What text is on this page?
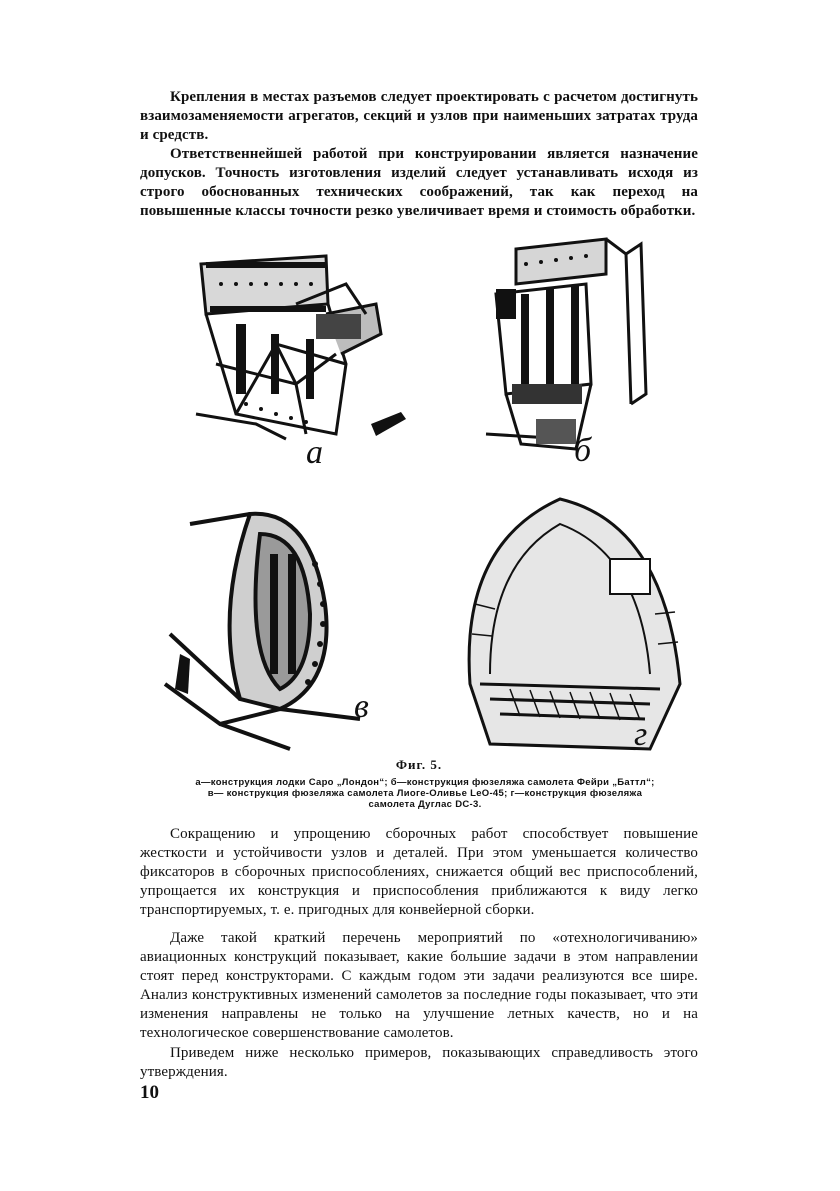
Крепления в местах разъемов следует проектировать с расчетом достигнуть взаимозаменяемости агрегатов, секций и узлов при наименьших затратах труда и средств.

Ответственнейшей работой при конструировании является назначение допусков. Точность изготовления изделий следует устанавливать исходя из строго обоснованных технических соображений, так как переход на повышенные классы точности резко увеличивает время и стоимость обработки.

а	б
в
г
Фиг. 5.
а—конструкция лодки Саро „Лондон“; б—конструкция фюзеляжа самолета Фейри „Баттл“;
в— конструкция фюзеляжа самолета Лиоге-Оливье LeO-45; г—конструкция фюзеляжа
самолета Дуглас DC-3.

Сокращению и упрощению сборочных работ способствует повышение жесткости и устойчивости узлов и деталей. При этом уменьшается количество фиксаторов в сборочных приспособлениях, снижается общий вес приспособлений, упрощается их конструкция и приспособления приближаются к виду легко транспортируемых, т. е. пригодных для конвейерной сборки.

Даже такой краткий перечень мероприятий по «отехнологичиванию» авиационных конструкций показывает, какие большие задачи в этом направлении стоят перед конструкторами. С каждым годом эти задачи реализуются все шире. Анализ конструктивных изменений самолетов за последние годы показывает, что эти изменения направлены не только на улучшение летных качеств, но и на технологическое совершенствование самолетов.

Приведем ниже несколько примеров, показывающих справедливость этого утверждения.

10
